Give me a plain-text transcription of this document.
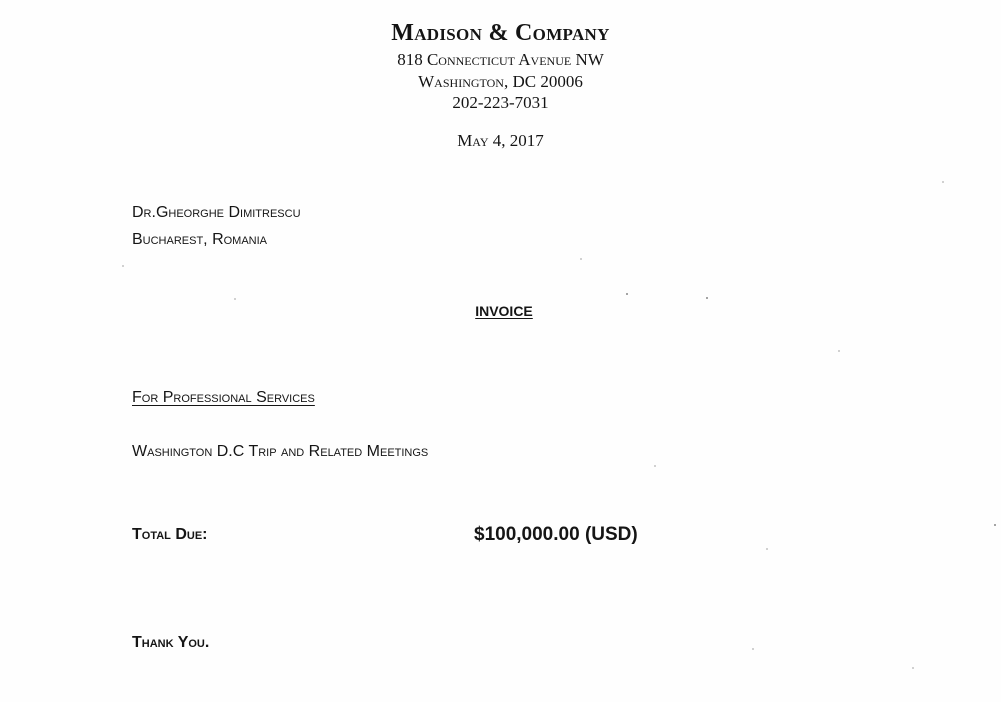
Madison & Company
818 Connecticut Avenue NW
Washington, DC 20006
202-223-7031
May 4, 2017
Dr.Gheorghe Dimitrescu
Bucharest, Romania
INVOICE
For Professional Services
Washington D.C Trip and Related Meetings
Total Due:	$100,000.00 (USD)
Thank You.
